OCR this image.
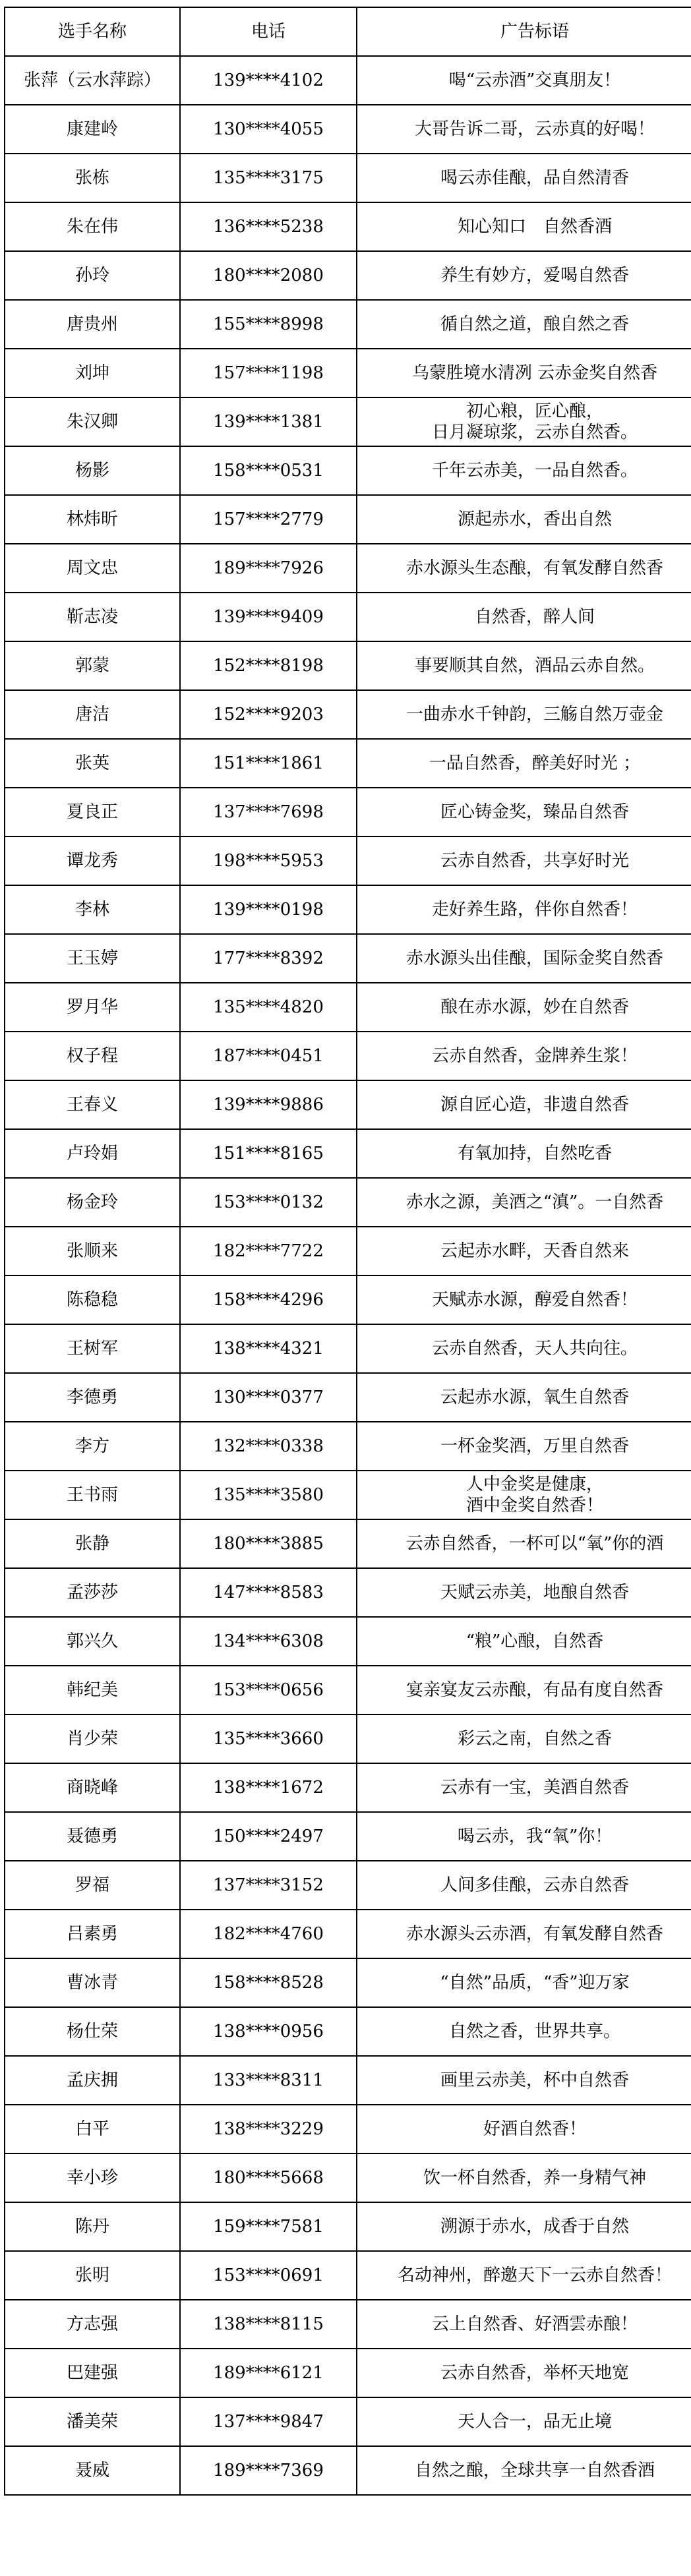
选手名称	电话	广告标语
张萍（云水萍踪）	139****4102	喝“云赤酒”交真朋友！
康建岭	130****4055	大哥告诉二哥，云赤真的好喝！
张栋	135****3175	喝云赤佳酿，品自然清香
朱在伟	136****5238	知心知口　自然香酒
孙玲	180****2080	养生有妙方，爱喝自然香
唐贵州	155****8998	循自然之道，酿自然之香
刘坤	157****1198	乌蒙胜境水清冽 云赤金奖自然香
朱汉卿	139****1381	初心粮，匠心酿，
日月凝琼浆，云赤自然香。
杨影	158****0531	千年云赤美，一品自然香。
林炜昕	157****2779	源起赤水，香出自然
周文忠	189****7926	赤水源头生态酿，有氧发酵自然香
靳志凌	139****9409	自然香，醉人间
郭蒙	152****8198	事要顺其自然，酒品云赤自然。
唐洁	152****9203	一曲赤水千钟韵，三觞自然万壶金
张英	151****1861	一品自然香，醉美好时光 ；
夏良正	137****7698	匠心铸金奖，臻品自然香
谭龙秀	198****5953	云赤自然香，共享好时光
李林	139****0198	走好养生路，伴你自然香！
王玉婷	177****8392	赤水源头出佳酿，国际金奖自然香
罗月华	135****4820	酿在赤水源，妙在自然香
权子程	187****0451	云赤自然香，金牌养生浆！
王春义	139****9886	源自匠心造，非遗自然香
卢玲娟	151****8165	有氧加持，自然吃香
杨金玲	153****0132	赤水之源，美酒之“滇”。一自然香
张顺来	182****7722	云起赤水畔，天香自然来
陈稳稳	158****4296	天赋赤水源，醇爱自然香！
王树军	138****4321	云赤自然香，天人共向往。
李德勇	130****0377	云起赤水源，氧生自然香
李方	132****0338	一杯金奖酒，万里自然香
王书雨	135****3580	人中金奖是健康，
酒中金奖自然香！
张静	180****3885	云赤自然香，一杯可以“氧”你的酒
孟莎莎	147****8583	天赋云赤美，地酿自然香
郭兴久	134****6308	“粮”心酿，自然香
韩纪美	153****0656	宴亲宴友云赤酿，有品有度自然香
肖少荣	135****3660	彩云之南，自然之香
商晓峰	138****1672	云赤有一宝，美酒自然香
聂德勇	150****2497	喝云赤，我“氧”你！
罗福	137****3152	人间多佳酿，云赤自然香
吕素勇	182****4760	赤水源头云赤酒，有氧发酵自然香
曹冰青	158****8528	“自然”品质，“香”迎万家
杨仕荣	138****0956	自然之香，世界共享。
孟庆拥	133****8311	画里云赤美，杯中自然香
白平	138****3229	好酒自然香！
幸小珍	180****5668	饮一杯自然香，养一身精气神
陈丹	159****7581	溯源于赤水，成香于自然
张明	153****0691	名动神州，醉邀天下一云赤自然香！
方志强	138****8115	云上自然香、好酒雲赤酿！
巴建强	189****6121	云赤自然香，举杯天地宽
潘美荣	137****9847	天人合一，品无止境
聂威	189****7369	自然之酿，全球共享一自然香酒
